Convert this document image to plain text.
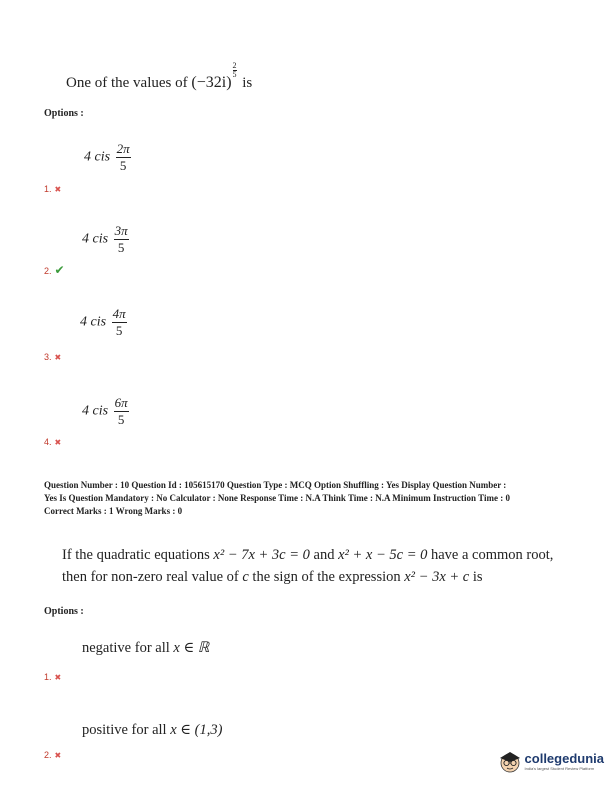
One of the values of $(-32i)\frac{2}{5}$ is
Options :
4 cis $\frac{2\pi}{5}$
1. ✖
4 cis $\frac{3\pi}{5}$
2. ✔
4 cis $\frac{4\pi}{5}$
3. ✖
4 cis $\frac{6\pi}{5}$
4. ✖
Question Number : 10 Question Id : 105615170 Question Type : MCQ Option Shuffling : Yes Display Question Number :
Yes Is Question Mandatory : No Calculator : None Response Time : N.A Think Time : N.A Minimum Instruction Time : 0
Correct Marks : 1 Wrong Marks : 0
If the quadratic equations x² − 7x + 3c = 0 and x² + x − 5c = 0 have a common root,
then for non-zero real value of c the sign of the expression x² − 3x + c is
Options :
negative for all x ∈ ℝ
1. ✖
positive for all x ∈ (1,3)
2. ✖	collegedunia
India's largest Student Review Platform
